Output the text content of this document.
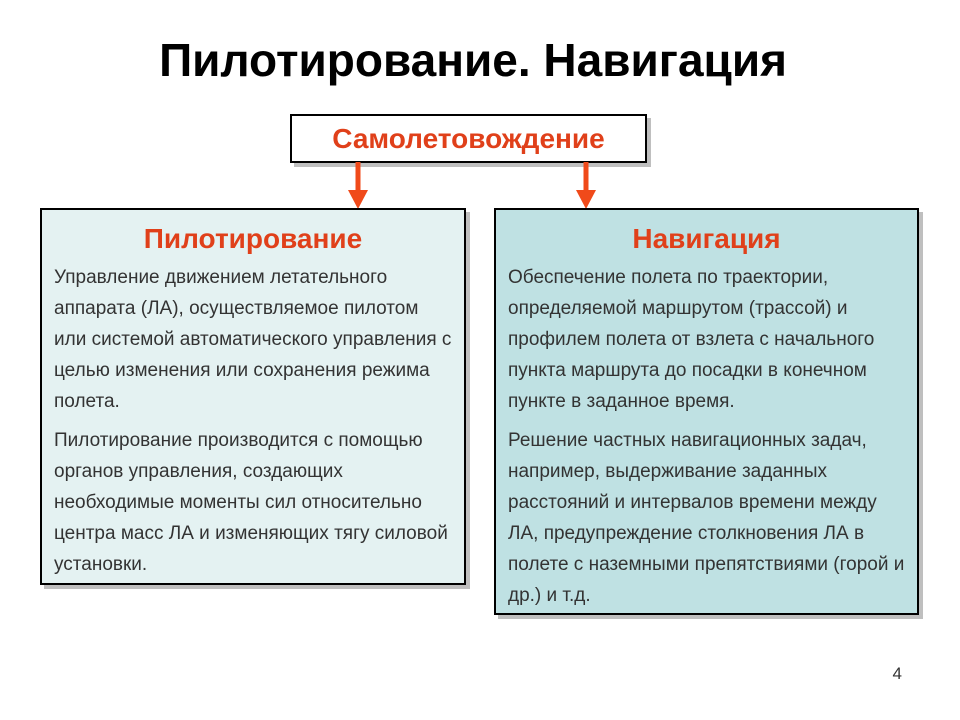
Пилотирование. Навигация
Самолетовождение
Пилотирование

Управление движением летательного аппарата (ЛА), осуществляемое пилотом или системой автоматического управления с целью изменения или сохранения режима полета.

Пилотирование производится с помощью органов управления, создающих необходимые моменты сил относительно центра масс ЛА и изменяющих тягу силовой установки.

Навигация

Обеспечение полета по траектории, определяемой маршрутом (трассой) и профилем полета от взлета с начального пункта маршрута до посадки в конечном пункте в заданное время.

Решение частных навигационных задач, например, выдерживание заданных расстояний и интервалов времени между ЛА, предупреждение столкновения ЛА в полете с наземными препятствиями (горой и др.) и т.д.

4
